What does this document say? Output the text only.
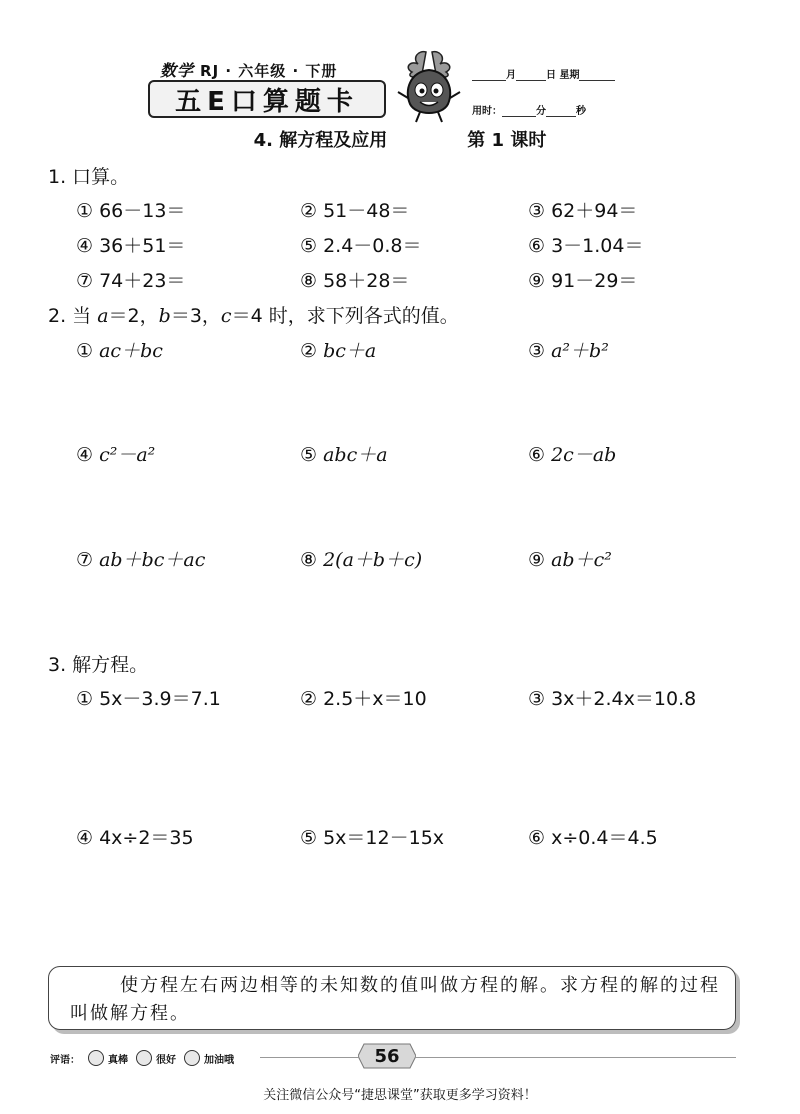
数学 RJ · 六年级 · 下册
五E口算题卡
月	日 星期
用时：	分	秒
4. 解方程及应用	第 1 课时
1. 口算。
① 66－13＝	② 51－48＝	③ 62＋94＝
④ 36＋51＝	⑤ 2.4－0.8＝	⑥ 3－1.04＝
⑦ 74＋23＝	⑧ 58＋28＝	⑨ 91－29＝
2. 当 a＝2，b＝3，c＝4 时，求下列各式的值。
① ac＋bc	② bc＋a	③ a²＋b²
④ c²－a²	⑤ abc＋a	⑥ 2c－ab
⑦ ab＋bc＋ac	⑧ 2(a＋b＋c)	⑨ ab＋c²
3. 解方程。
① 5x－3.9＝7.1	② 2.5＋x＝10	③ 3x＋2.4x＝10.8
④ 4x÷2＝35	⑤ 5x＝12－15x	⑥ x÷0.4＝4.5
使方程左右两边相等的未知数的值叫做方程的解。求方程的解的过程叫做解方程。
评语：	真棒	很好	加油哦	56
关注微信公众号“捷思课堂”获取更多学习资料！
